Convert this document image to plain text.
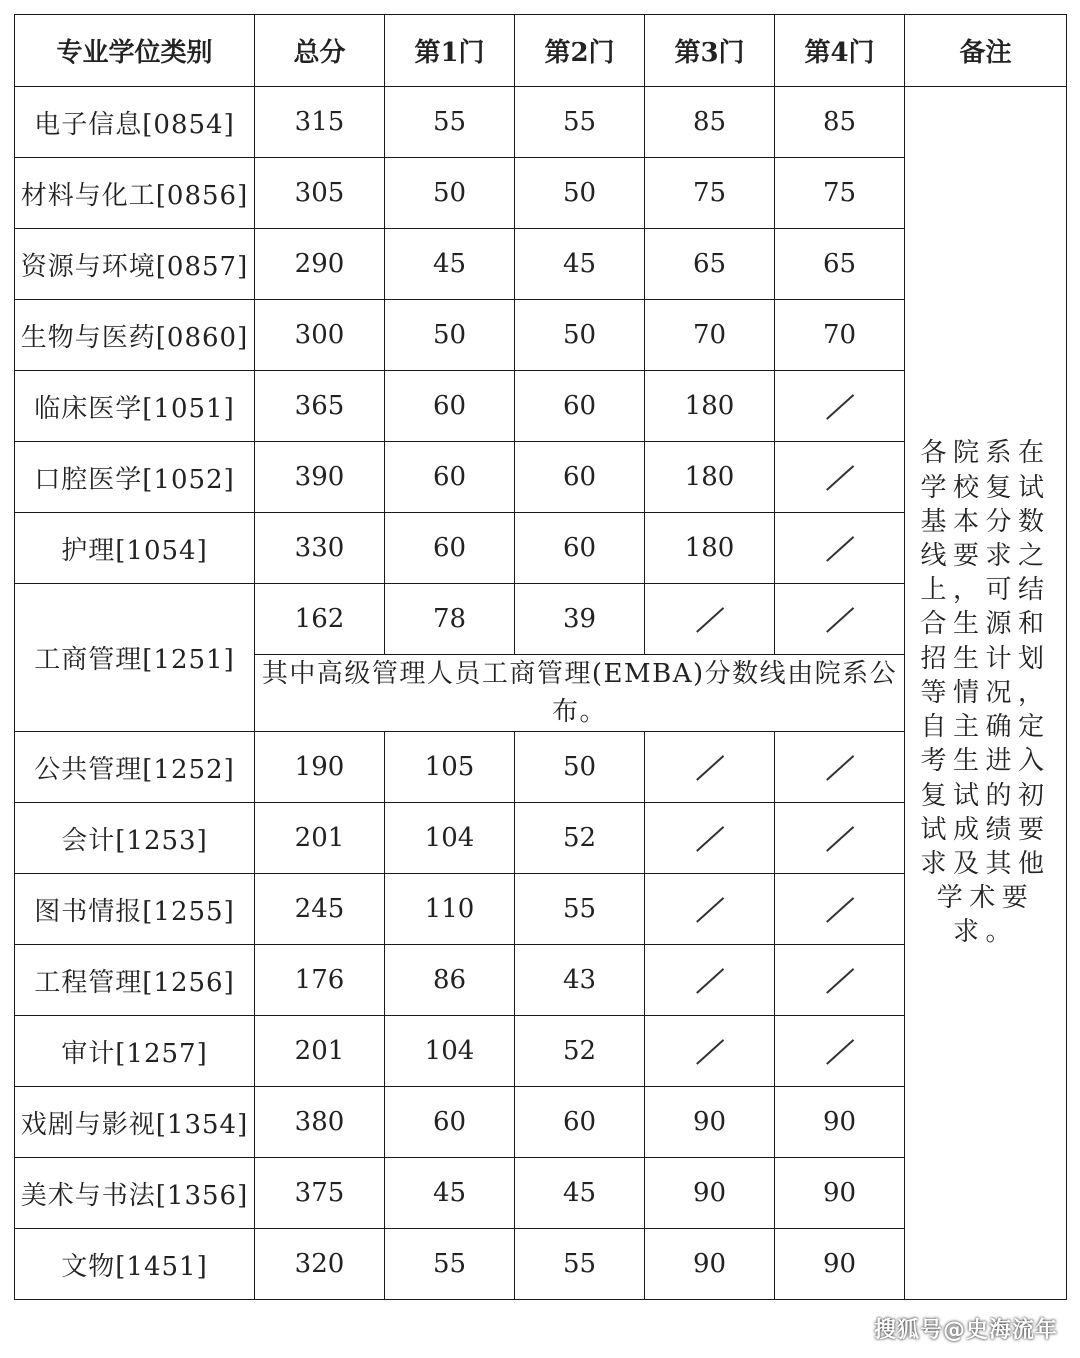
专业学位类别	总分	第1门	第2门	第3门	第4门	备注
电子信息[0854]	315	55	55	85	85	各院系在学校复试基本分数线要求之上，可结合生源和招生计划等情况，自主确定考生进入复试的初试成绩要求及其他学术要求。
材料与化工[0856]	305	50	50	75	75	
资源与环境[0857]	290	45	45	65	65	
生物与医药[0860]	300	50	50	70	70	
临床医学[1051]	365	60	60	180		
口腔医学[1052]	390	60	60	180		
护理[1054]	330	60	60	180		
工商管理[1251]	162	78	39			
	其中高级管理人员工商管理(EMBA)分数线由院系公布。					
公共管理[1252]	190	105	50			
会计[1253]	201	104	52			
图书情报[1255]	245	110	55			
工程管理[1256]	176	86	43			
审计[1257]	201	104	52			
戏剧与影视[1354]	380	60	60	90	90	
美术与书法[1356]	375	45	45	90	90	
文物[1451]	320	55	55	90	90	
搜狐号@史海流年
